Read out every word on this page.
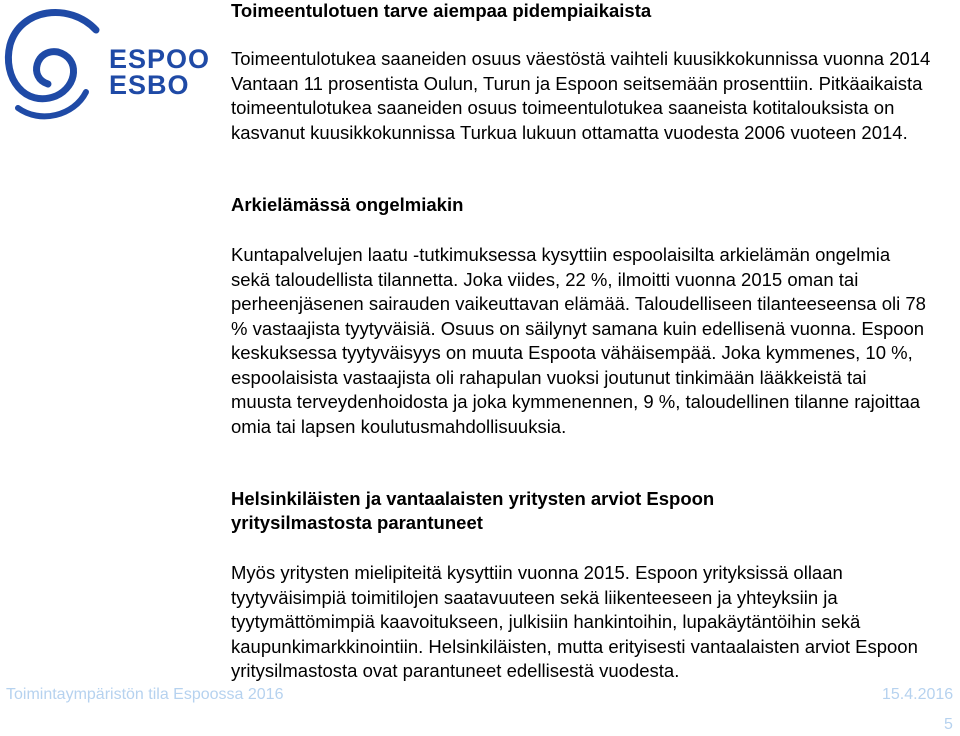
ESPOO
ESBO
Toimeentulotuen tarve aiempaa pidempiaikaista
Toimeentulotukea saaneiden osuus väestöstä vaihteli kuusikkokunnissa vuonna 2014 Vantaan 11 prosentista Oulun, Turun ja Espoon seitsemään prosenttiin. Pitkäaikaista toimeentulotukea saaneiden osuus toimeentulotukea saaneista kotitalouksista on kasvanut kuusikkokunnissa Turkua lukuun ottamatta vuodesta 2006 vuoteen 2014.
Arkielämässä ongelmiakin
Kuntapalvelujen laatu -tutkimuksessa kysyttiin espoolaisilta arkielämän ongelmia sekä taloudellista tilannetta. Joka viides, 22 %, ilmoitti vuonna 2015 oman tai perheenjäsenen sairauden vaikeuttavan elämää. Taloudelliseen tilanteeseensa oli 78 % vastaajista tyytyväisiä. Osuus on säilynyt samana kuin edellisenä vuonna. Espoon keskuksessa tyytyväisyys on muuta Espoota vähäisempää. Joka kymmenes, 10 %, espoolaisista vastaajista oli rahapulan vuoksi joutunut tinkimään lääkkeistä tai muusta terveydenhoidosta ja joka kymmenennen, 9 %, taloudellinen tilanne rajoittaa omia tai lapsen koulutusmahdollisuuksia.
Helsinkiläisten ja vantaalaisten yritysten arviot Espoon yritysilmastosta parantuneet
Myös yritysten mielipiteitä kysyttiin vuonna 2015. Espoon yrityksissä ollaan tyytyväisimpiä toimitilojen saatavuuteen sekä liikenteeseen ja yhteyksiin ja tyytymättömimpiä kaavoitukseen, julkisiin hankintoihin, lupakäytäntöihin sekä kaupunkimarkkinointiin. Helsinkiläisten, mutta erityisesti vantaalaisten arviot Espoon yritysilmastosta ovat parantuneet edellisestä vuodesta.
Toimintaympäristön tila Espoossa 2016	15.4.2016
5
